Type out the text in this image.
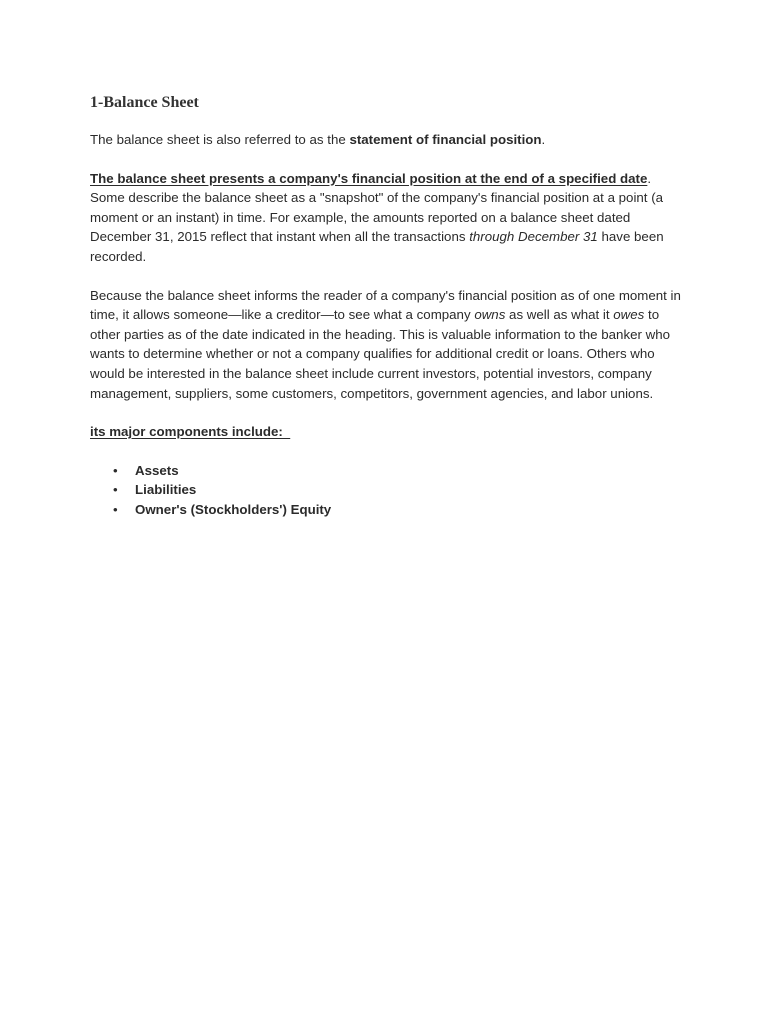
1-Balance Sheet

The balance sheet is also referred to as the statement of financial position.

The balance sheet presents a company's financial position at the end of a specified date.
Some describe the balance sheet as a "snapshot" of the company's financial position at a point (a moment or an instant) in time. For example, the amounts reported on a balance sheet dated December 31, 2015 reflect that instant when all the transactions through December 31 have been recorded.

Because the balance sheet informs the reader of a company's financial position as of one moment in time, it allows someone—like a creditor—to see what a company owns as well as what it owes to other parties as of the date indicated in the heading. This is valuable information to the banker who wants to determine whether or not a company qualifies for additional credit or loans. Others who would be interested in the balance sheet include current investors, potential investors, company management, suppliers, some customers, competitors, government agencies, and labor unions.

its major components include:

• Assets
• Liabilities
• Owner's (Stockholders') Equity
